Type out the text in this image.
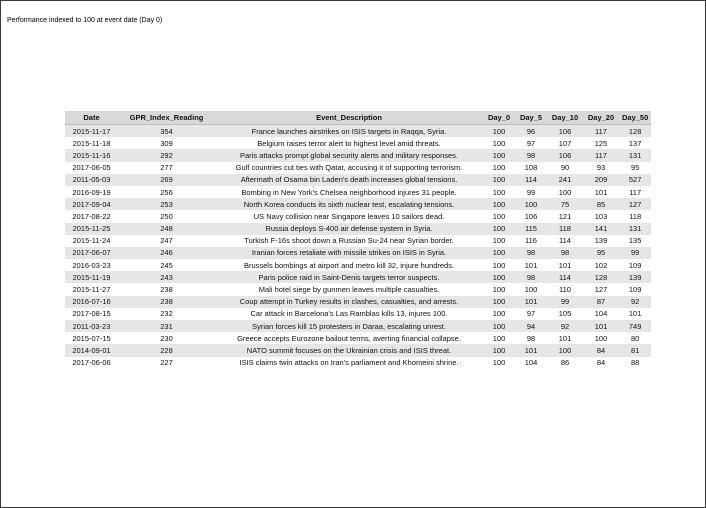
Performance indexed to 100 at event date (Day 0)
Date	GPR_Index_Reading	Event_Description	Day_0	Day_5	Day_10	Day_20	Day_50
2015-11-17	354	France launches airstrikes on ISIS targets in Raqqa, Syria.	100	96	106	117	128
2015-11-18	309	Belgium raises terror alert to highest level amid threats.	100	97	107	125	137
2015-11-16	292	Paris attacks prompt global security alerts and military responses.	100	98	106	117	131
2017-06-05	277	Gulf countries cut ties with Qatar, accusing it of supporting terrorism.	100	108	90	93	95
2011-05-03	269	Aftermath of Osama bin Laden's death increases global tensions.	100	114	241	209	527
2016-09-19	256	Bombing in New York's Chelsea neighborhood injures 31 people.	100	99	100	101	117
2017-09-04	253	North Korea conducts its sixth nuclear test, escalating tensions.	100	100	75	85	127
2017-08-22	250	US Navy collision near Singapore leaves 10 sailors dead.	100	106	121	103	118
2015-11-25	248	Russia deploys S-400 air defense system in Syria.	100	115	118	141	131
2015-11-24	247	Turkish F-16s shoot down a Russian Su-24 near Syrian border.	100	116	114	139	135
2017-06-07	246	Iranian forces retaliate with missile strikes on ISIS in Syria.	100	98	98	95	99
2016-03-23	245	Brussels bombings at airport and metro kill 32, injure hundreds.	100	101	101	102	109
2015-11-19	243	Paris police raid in Saint-Denis targets terror suspects.	100	98	114	128	139
2015-11-27	238	Mali hotel siege by gunmen leaves multiple casualties.	100	100	110	127	109
2016-07-16	238	Coup attempt in Turkey results in clashes, casualties, and arrests.	100	101	99	87	92
2017-08-15	232	Car attack in Barcelona's Las Ramblas kills 13, injures 100.	100	97	105	104	101
2011-03-23	231	Syrian forces kill 15 protesters in Daraa, escalating unrest.	100	94	92	101	749
2015-07-15	230	Greece accepts Eurozone bailout terms, averting financial collapse.	100	98	101	100	80
2014-09-01	228	NATO summit focuses on the Ukrainian crisis and ISIS threat.	100	101	100	84	81
2017-06-06	227	ISIS claims twin attacks on Iran's parliament and Khomeini shrine.	100	104	86	84	88
